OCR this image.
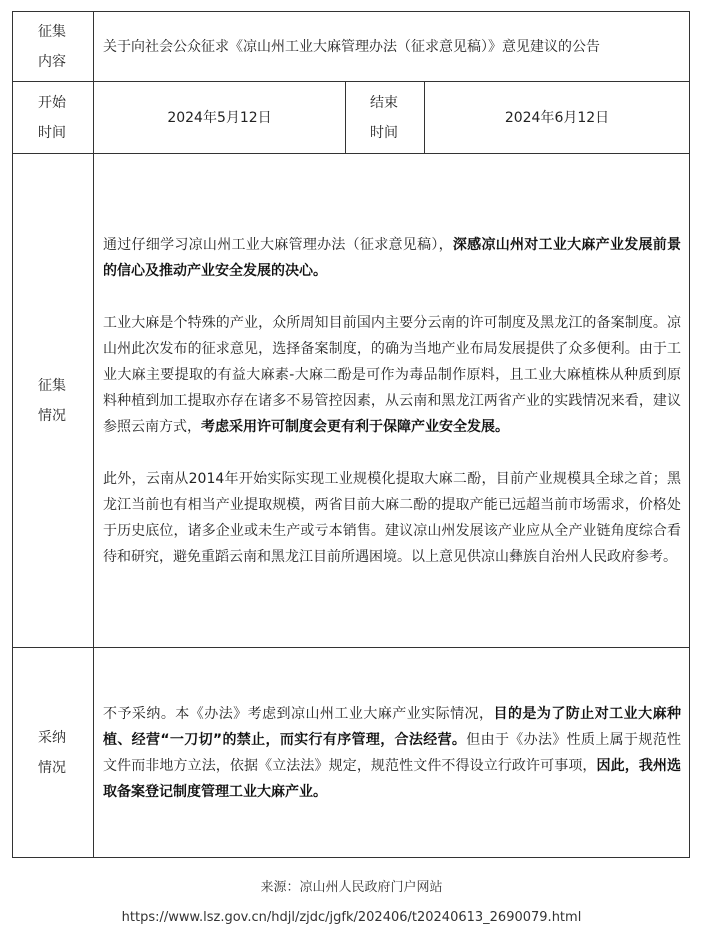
征集内容	关于向社会公众征求《凉山州工业大麻管理办法（征求意见稿）》意见建议的公告		

开始时间	2024年5月12日	结束时间	2024年6月12日

征集情况	通过仔细学习凉山州工业大麻管理办法（征求意见稿），深感凉山州对工业大麻产业发展前景的信心及推动产业安全发展的决心。

工业大麻是个特殊的产业，众所周知目前国内主要分云南的许可制度及黑龙江的备案制度。凉山州此次发布的征求意见，选择备案制度，的确为当地产业布局发展提供了众多便利。由于工业大麻主要提取的有益大麻素-大麻二酚是可作为毒品制作原料，且工业大麻植株从种质到原料种植到加工提取亦存在诸多不易管控因素，从云南和黑龙江两省产业的实践情况来看，建议参照云南方式，考虑采用许可制度会更有利于保障产业安全发展。

此外，云南从2014年开始实际实现工业规模化提取大麻二酚，目前产业规模具全球之首；黑龙江当前也有相当产业提取规模，两省目前大麻二酚的提取产能已远超当前市场需求，价格处于历史底位，诸多企业或未生产或亏本销售。建议凉山州发展该产业应从全产业链角度综合看待和研究，避免重蹈云南和黑龙江目前所遇困境。以上意见供凉山彝族自治州人民政府参考。		

采纳情况	不予采纳。本《办法》考虑到凉山州工业大麻产业实际情况，目的是为了防止对工业大麻种植、经营“一刀切”的禁止，而实行有序管理，合法经营。但由于《办法》性质上属于规范性文件而非地方立法，依据《立法法》规定，规范性文件不得设立行政许可事项，因此，我州选取备案登记制度管理工业大麻产业。		

来源：凉山州人民政府门户网站
https://www.lsz.gov.cn/hdjl/zjdc/jgfk/202406/t20240613_2690079.html
